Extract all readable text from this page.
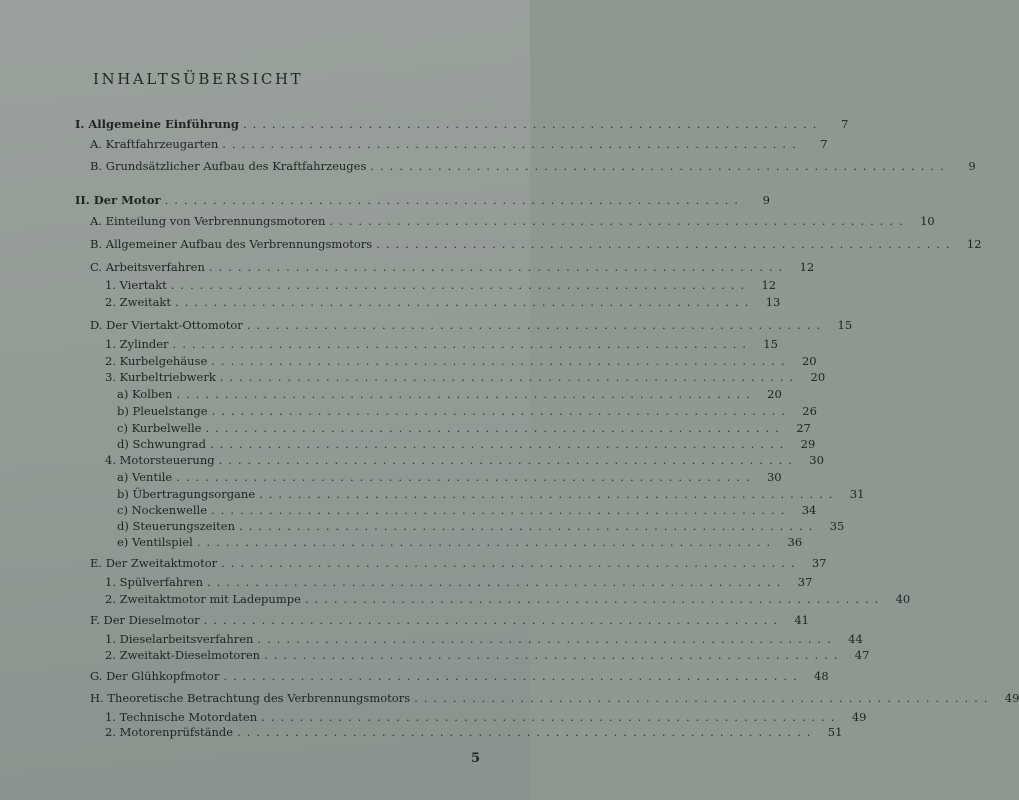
INHALTSÜBERSICHT
I. Allgemeine Einführung ............................................................	7
A. Kraftfahrzeugarten ............................................................	7
B. Grundsätzlicher Aufbau des Kraftfahrzeuges ............................................................	9
II. Der Motor ............................................................	9
A. Einteilung von Verbrennungsmotoren ............................................................ 10
B. Allgemeiner Aufbau des Verbrennungsmotors ............................................................ 12
C. Arbeitsverfahren ............................................................ 12
1. Viertakt ............................................................ 12
2. Zweitakt ............................................................ 13
D. Der Viertakt-Ottomotor ............................................................ 15
1. Zylinder ............................................................ 15
2. Kurbelgehäuse ............................................................ 20
3. Kurbeltriebwerk ............................................................ 20
a) Kolben ............................................................ 20
b) Pleuelstange ............................................................ 26
c) Kurbelwelle ............................................................ 27
d) Schwungrad ............................................................ 29
4. Motorsteuerung ............................................................ 30
a) Ventile ............................................................ 30
b) Übertragungsorgane ............................................................ 31
c) Nockenwelle ............................................................ 34
d) Steuerungszeiten ............................................................ 35
e) Ventilspiel ............................................................ 36
E. Der Zweitaktmotor ............................................................ 37
1. Spülverfahren ............................................................ 37
2. Zweitaktmotor mit Ladepumpe ............................................................ 40
F. Der Dieselmotor ............................................................ 41
1. Dieselarbeitsverfahren ............................................................ 44
2. Zweitakt-Dieselmotoren ............................................................ 47
G. Der Glühkopfmotor ............................................................ 48
H. Theoretische Betrachtung des Verbrennungsmotors ............................................................ 49
1. Technische Motordaten ............................................................ 49
2. Motorenprüfstände ............................................................ 51
5
